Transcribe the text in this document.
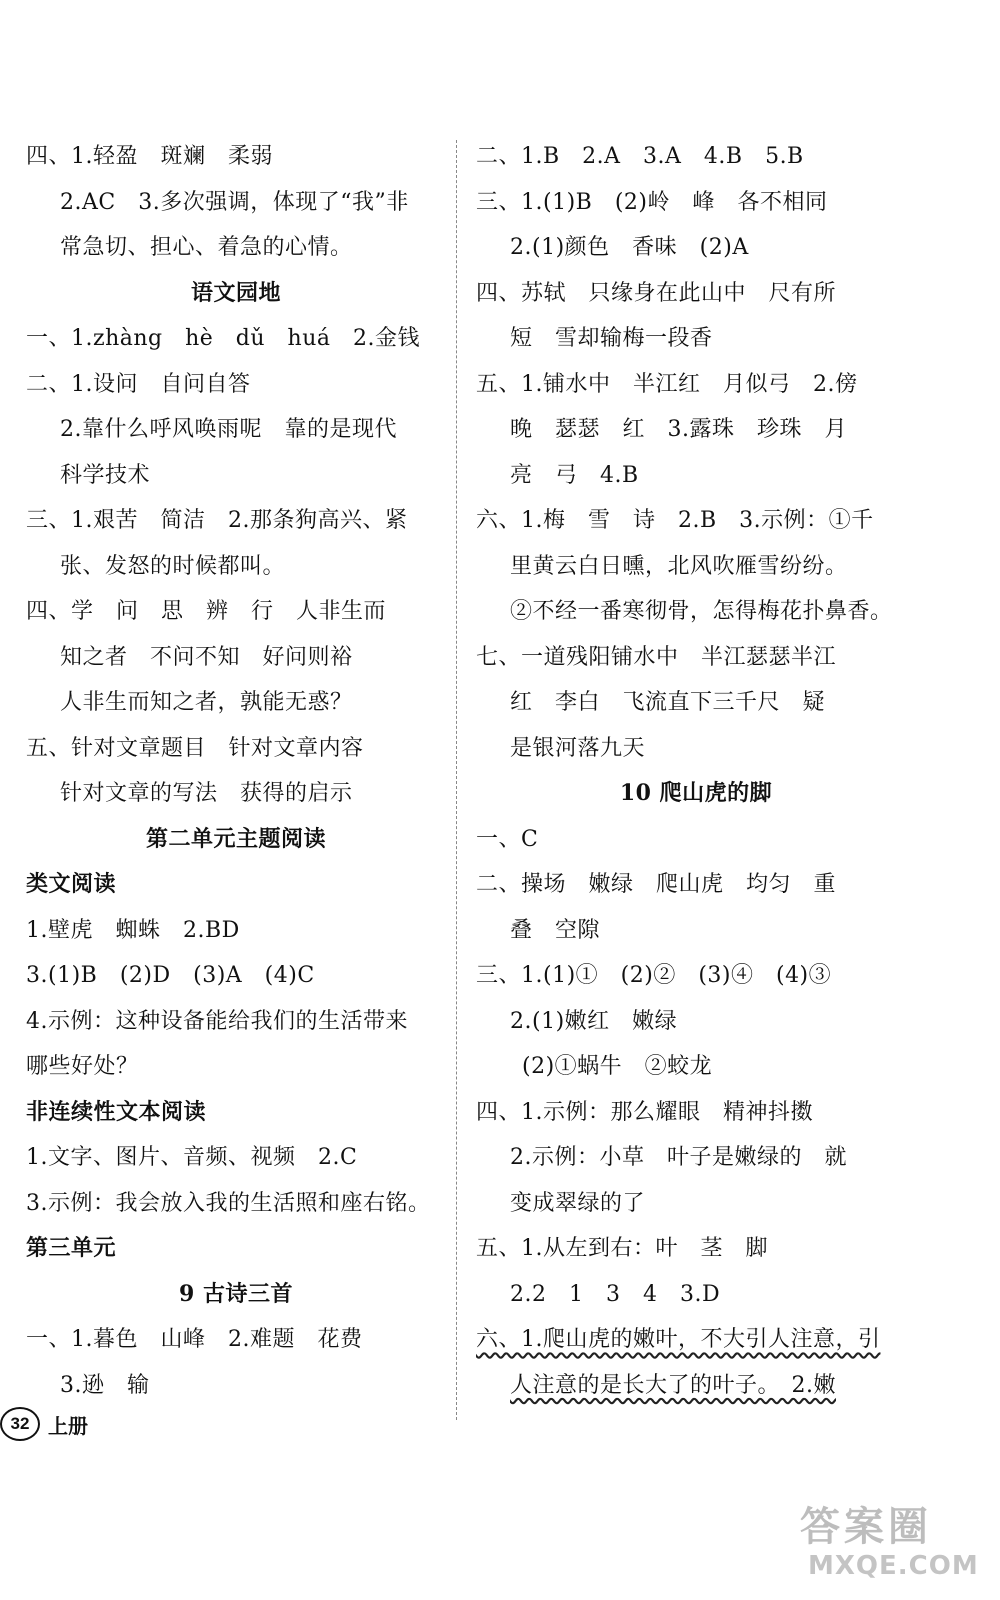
四、1.轻盈　斑斓　柔弱
2.AC　3.多次强调，体现了“我”非
常急切、担心、着急的心情。
语文园地
一、1.zhàng　hè　dǔ　huá　2.金钱
二、1.设问　自问自答
2.靠什么呼风唤雨呢　靠的是现代
科学技术
三、1.艰苦　简洁　2.那条狗高兴、紧
张、发怒的时候都叫。
四、学　问　思　辨　行　人非生而
知之者　不问不知　好问则裕
人非生而知之者，孰能无惑？
五、针对文章题目　针对文章内容
针对文章的写法　获得的启示
第二单元主题阅读
类文阅读
1.壁虎　蜘蛛　2.BD
3.(1)B　(2)D　(3)A　(4)C
4.示例：这种设备能给我们的生活带来
哪些好处？
非连续性文本阅读
1.文字、图片、音频、视频　2.C
3.示例：我会放入我的生活照和座右铭。
第三单元
9 古诗三首
一、1.暮色　山峰　2.难题　花费
3.逊　输
二、1.B　2.A　3.A　4.B　5.B
三、1.(1)B　(2)岭　峰　各不相同
2.(1)颜色　香味　(2)A
四、苏轼　只缘身在此山中　尺有所
短　雪却输梅一段香
五、1.铺水中　半江红　月似弓　2.傍
晚　瑟瑟　红　3.露珠　珍珠　月
亮　弓　4.B
六、1.梅　雪　诗　2.B　3.示例：①千
里黄云白日曛，北风吹雁雪纷纷。
②不经一番寒彻骨，怎得梅花扑鼻香。
七、一道残阳铺水中　半江瑟瑟半江
红　李白　飞流直下三千尺　疑
是银河落九天
10 爬山虎的脚
一、C
二、操场　嫩绿　爬山虎　均匀　重
叠　空隙
三、1.(1)①　(2)②　(3)④　(4)③
2.(1)嫩红　嫩绿
(2)①蜗牛　②蛟龙
四、1.示例：那么耀眼　精神抖擞
2.示例：小草　叶子是嫩绿的　就
变成翠绿的了
五、1.从左到右：叶　茎　脚
2.2　1　3　4　3.D
六、1.爬山虎的嫩叶，不大引人注意，引
人注意的是长大了的叶子。　2.嫩
32 上册
答案圈
MXQE.COM
